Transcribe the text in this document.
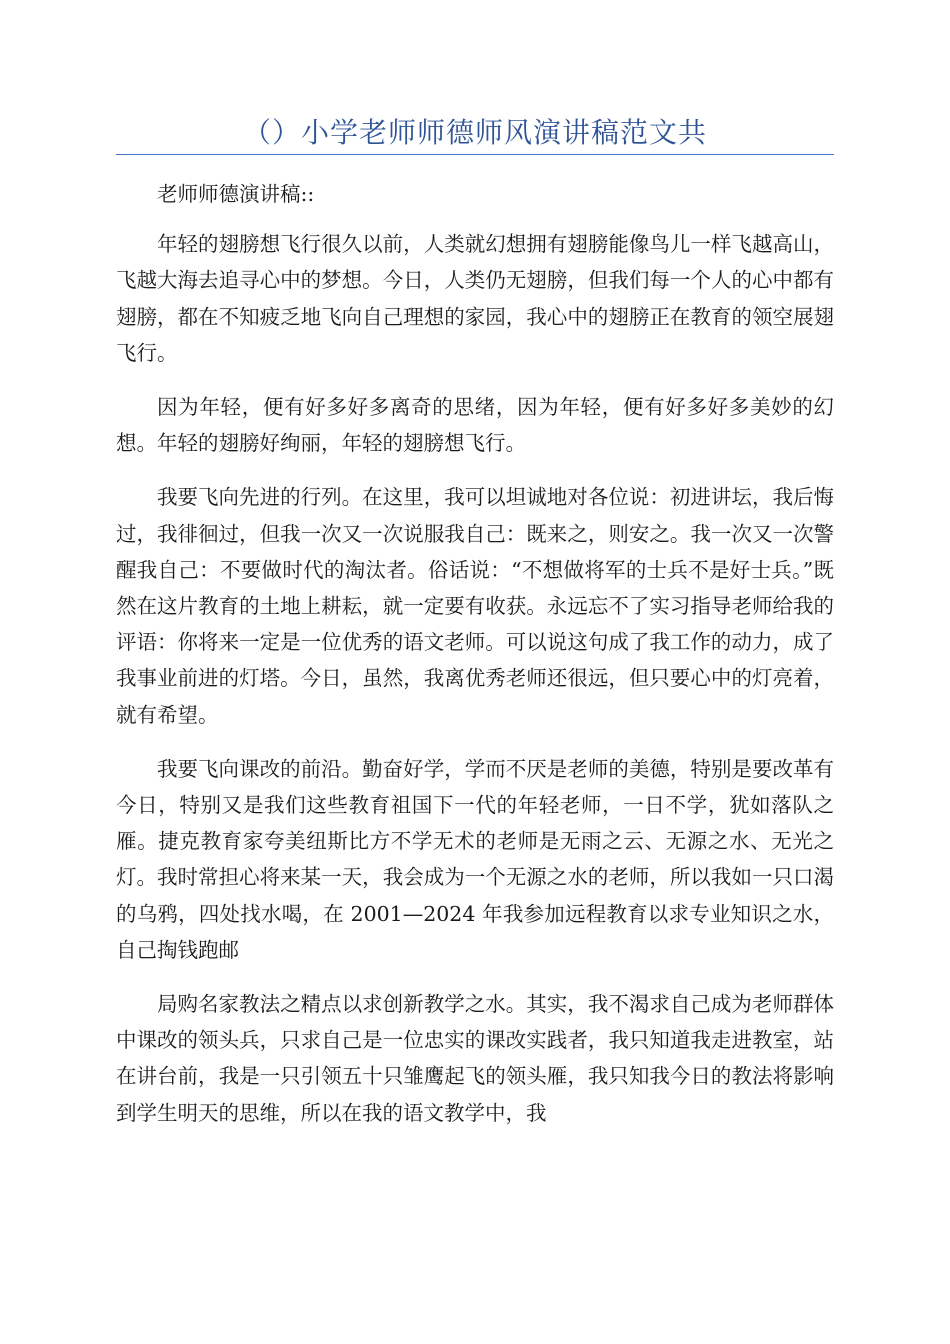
（）小学老师师德师风演讲稿范文共

老师师德演讲稿::

年轻的翅膀想飞行很久以前，人类就幻想拥有翅膀能像鸟儿一样飞越高山，飞越大海去追寻心中的梦想。今日，人类仍无翅膀，但我们每一个人的心中都有翅膀，都在不知疲乏地飞向自己理想的家园，我心中的翅膀正在教育的领空展翅飞行。

因为年轻，便有好多好多离奇的思绪，因为年轻，便有好多好多美妙的幻想。年轻的翅膀好绚丽，年轻的翅膀想飞行。

我要飞向先进的行列。在这里，我可以坦诚地对各位说：初进讲坛，我后悔过，我徘徊过，但我一次又一次说服我自己：既来之，则安之。我一次又一次警醒我自己：不要做时代的淘汰者。俗话说：“不想做将军的士兵不是好士兵。”既然在这片教育的土地上耕耘，就一定要有收获。永远忘不了实习指导老师给我的评语：你将来一定是一位优秀的语文老师。可以说这句成了我工作的动力，成了我事业前进的灯塔。今日，虽然，我离优秀老师还很远，但只要心中的灯亮着，就有希望。

我要飞向课改的前沿。勤奋好学，学而不厌是老师的美德，特别是要改革有今日，特别又是我们这些教育祖国下一代的年轻老师，一日不学，犹如落队之雁。捷克教育家夸美纽斯比方不学无术的老师是无雨之云、无源之水、无光之灯。我时常担心将来某一天，我会成为一个无源之水的老师，所以我如一只口渴的乌鸦，四处找水喝，在 2001—2024 年我参加远程教育以求专业知识之水，自己掏钱跑邮

局购名家教法之精点以求创新教学之水。其实，我不渴求自己成为老师群体中课改的领头兵，只求自己是一位忠实的课改实践者，我只知道我走进教室，站在讲台前，我是一只引领五十只雏鹰起飞的领头雁，我只知我今日的教法将影响到学生明天的思维，所以在我的语文教学中，我
